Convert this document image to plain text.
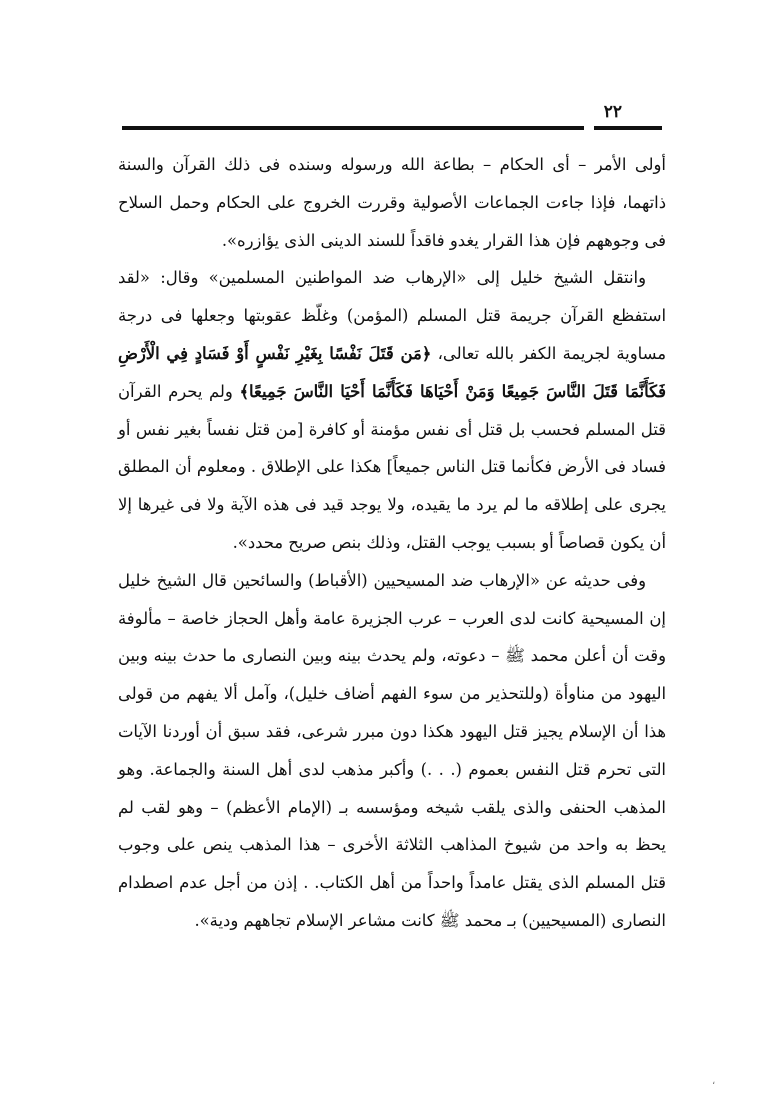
٢٢

أولى الأمر – أى الحكام – بطاعة الله ورسوله وسنده فى ذلك القرآن والسنة ذاتهما، فإذا جاءت الجماعات الأصولية وقررت الخروج على الحكام وحمل السلاح فى وجوههم فإن هذا القرار يغدو فاقداً للسند الدينى الذى يؤازره».

وانتقل الشيخ خليل إلى «الإرهاب ضد المواطنين المسلمين» وقال: «لقد استفظع القرآن جريمة قتل المسلم (المؤمن) وغلّظ عقوبتها وجعلها فى درجة مساوية لجريمة الكفر بالله تعالى، ﴿مَن قَتَلَ نَفْسًا بِغَيْرِ نَفْسٍ أَوْ فَسَادٍ فِي الْأَرْضِ فَكَأَنَّمَا قَتَلَ النَّاسَ جَمِيعًا وَمَنْ أَحْيَاهَا فَكَأَنَّمَا أَحْيَا النَّاسَ جَمِيعًا﴾ ولم يحرم القرآن قتل المسلم فحسب بل قتل أى نفس مؤمنة أو كافرة [من قتل نفساً بغير نفس أو فساد فى الأرض فكأنما قتل الناس جميعاً] هكذا على الإطلاق . ومعلوم أن المطلق يجرى على إطلاقه ما لم يرد ما يقيده، ولا يوجد قيد فى هذه الآية ولا فى غيرها إلا أن يكون قصاصاً أو بسبب يوجب القتل، وذلك بنص صريح محدد».

وفى حديثه عن «الإرهاب ضد المسيحيين (الأقباط) والسائحين قال الشيخ خليل إن المسيحية كانت لدى العرب – عرب الجزيرة عامة وأهل الحجاز خاصة – مألوفة وقت أن أعلن محمد ﷺ – دعوته، ولم يحدث بينه وبين النصارى ما حدث بينه وبين اليهود من مناوأة (وللتحذير من سوء الفهم أضاف خليل)، وآمل ألا يفهم من قولى هذا أن الإسلام يجيز قتل اليهود هكذا دون مبرر شرعى، فقد سبق أن أوردنا الآيات التى تحرم قتل النفس بعموم (. . .) وأكبر مذهب لدى أهل السنة والجماعة. وهو المذهب الحنفى والذى يلقب شيخه ومؤسسه بـ (الإمام الأعظم) – وهو لقب لم يحظ به واحد من شيوخ المذاهب الثلاثة الأخرى – هذا المذهب ينص على وجوب قتل المسلم الذى يقتل عامداً واحداً من أهل الكتاب. . إذن من أجل عدم اصطدام النصارى (المسيحيين) بـ محمد ﷺ كانت مشاعر الإسلام تجاههم ودية».

،
